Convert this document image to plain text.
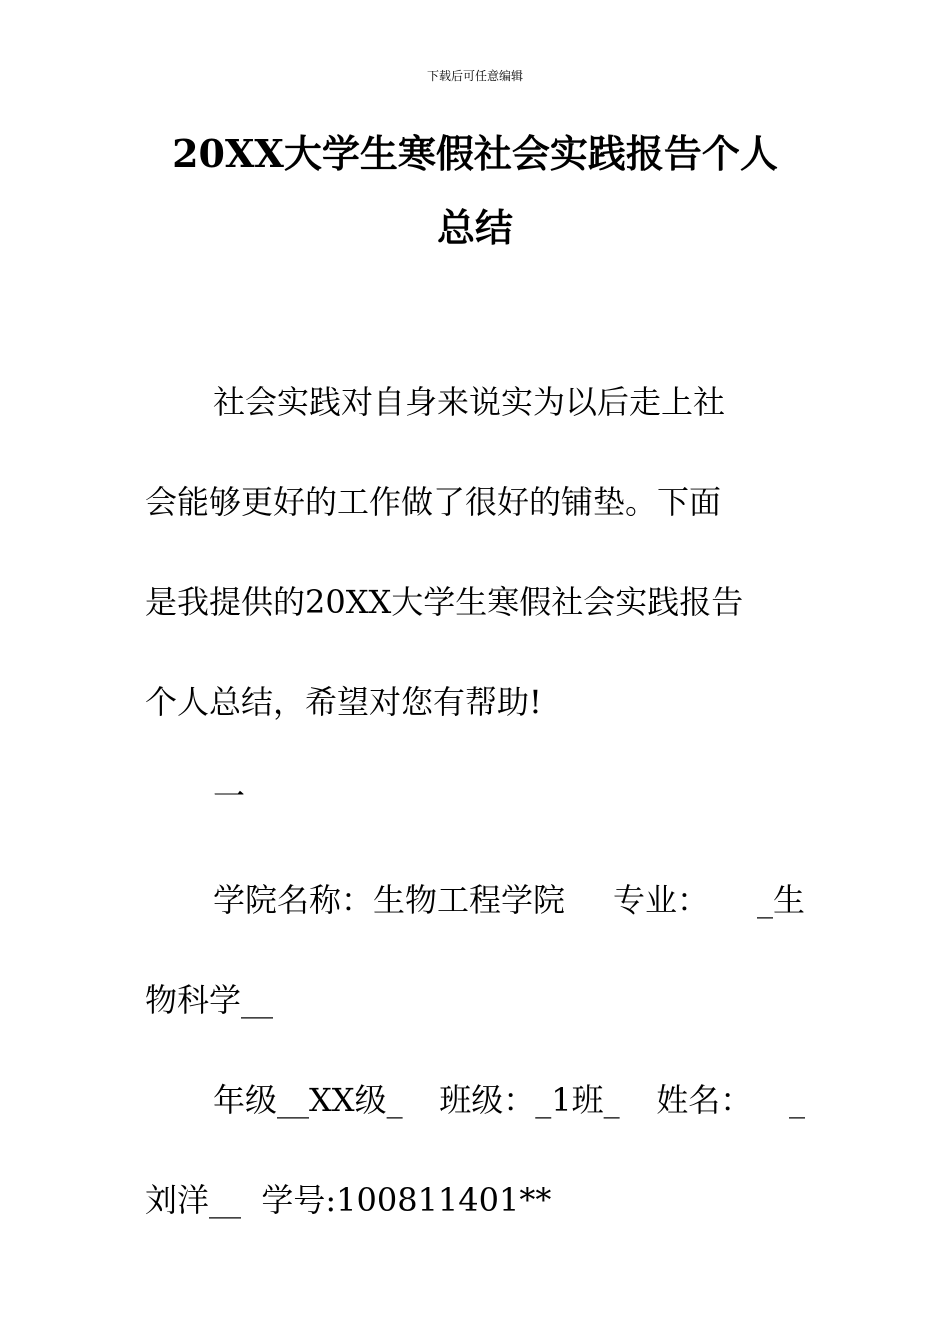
下载后可任意编辑
20XX大学生寒假社会实践报告个人
总结
社会实践对自身来说实为以后走上社
会能够更好的工作做了很好的铺垫。下面
是我提供的20XX大学生寒假社会实践报告
个人总结，希望对您有帮助!
一
学院名称：生物工程学院 专业： _生
物科学__
年级__XX级_ 班级：_1班_ 姓名： _
刘洋__  学号:100811401**
